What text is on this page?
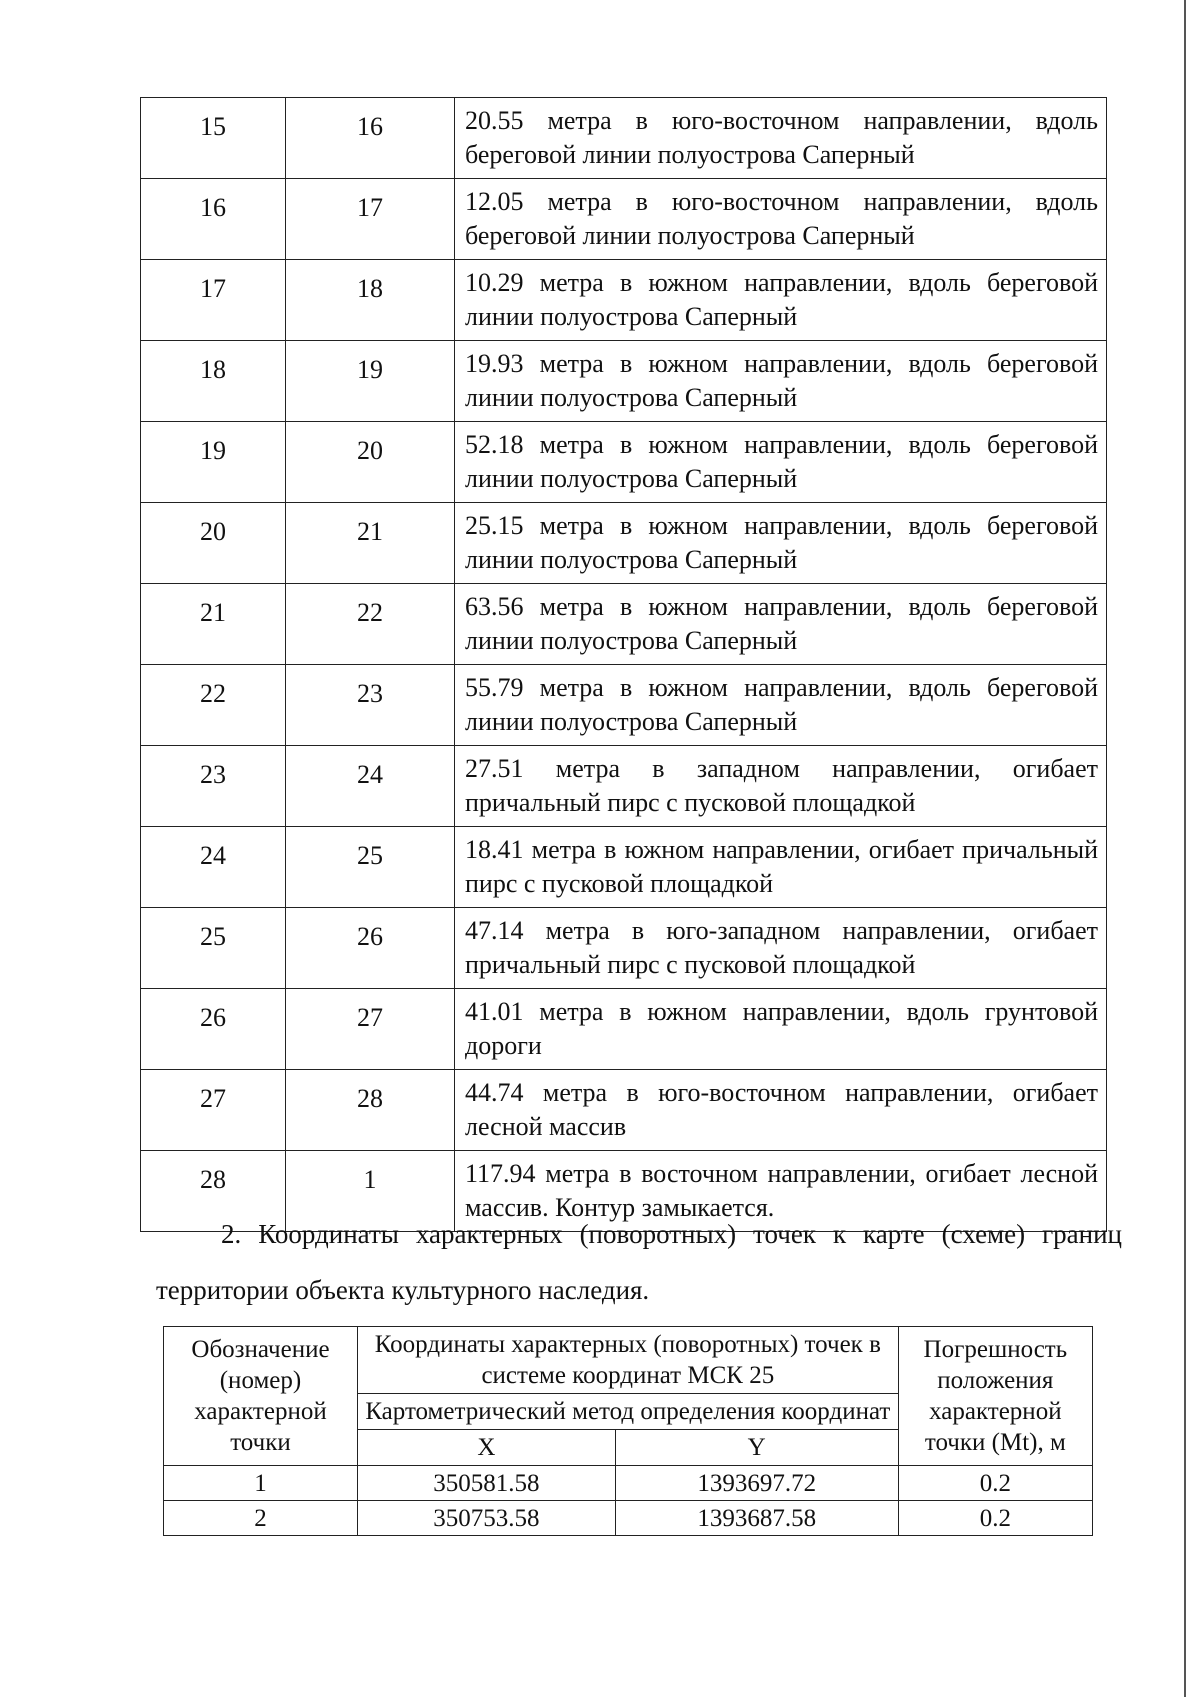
15	16	20.55 метра в юго-восточном направлении, вдоль береговой линии полуострова Саперный
16	17	12.05 метра в юго-восточном направлении, вдоль береговой линии полуострова Саперный
17	18	10.29 метра в южном направлении, вдоль береговой линии полуострова Саперный
18	19	19.93 метра в южном направлении, вдоль береговой линии полуострова Саперный
19	20	52.18 метра в южном направлении, вдоль береговой линии полуострова Саперный
20	21	25.15 метра в южном направлении, вдоль береговой линии полуострова Саперный
21	22	63.56 метра в южном направлении, вдоль береговой линии полуострова Саперный
22	23	55.79 метра в южном направлении, вдоль береговой линии полуострова Саперный
23	24	27.51 метра в западном направлении, огибает причальный пирс с пусковой площадкой
24	25	18.41 метра в южном направлении, огибает причальный пирс с пусковой площадкой
25	26	47.14 метра в юго-западном направлении, огибает причальный пирс с пусковой площадкой
26	27	41.01 метра в южном направлении, вдоль грунтовой дороги
27	28	44.74 метра в юго-восточном направлении, огибает лесной массив
28	1	117.94 метра в восточном направлении, огибает лесной массив. Контур замыкается.

2. Координаты характерных (поворотных) точек к карте (схеме) границ территории объекта культурного наследия.

Обозначение (номер) характерной точки	Координаты характерных (поворотных) точек в системе координат МСК 25		Погрешность положения характерной точки (Mt), м
	Картометрический метод определения координат		
	X	Y	
1	350581.58	1393697.72	0.2
2	350753.58	1393687.58	0.2
